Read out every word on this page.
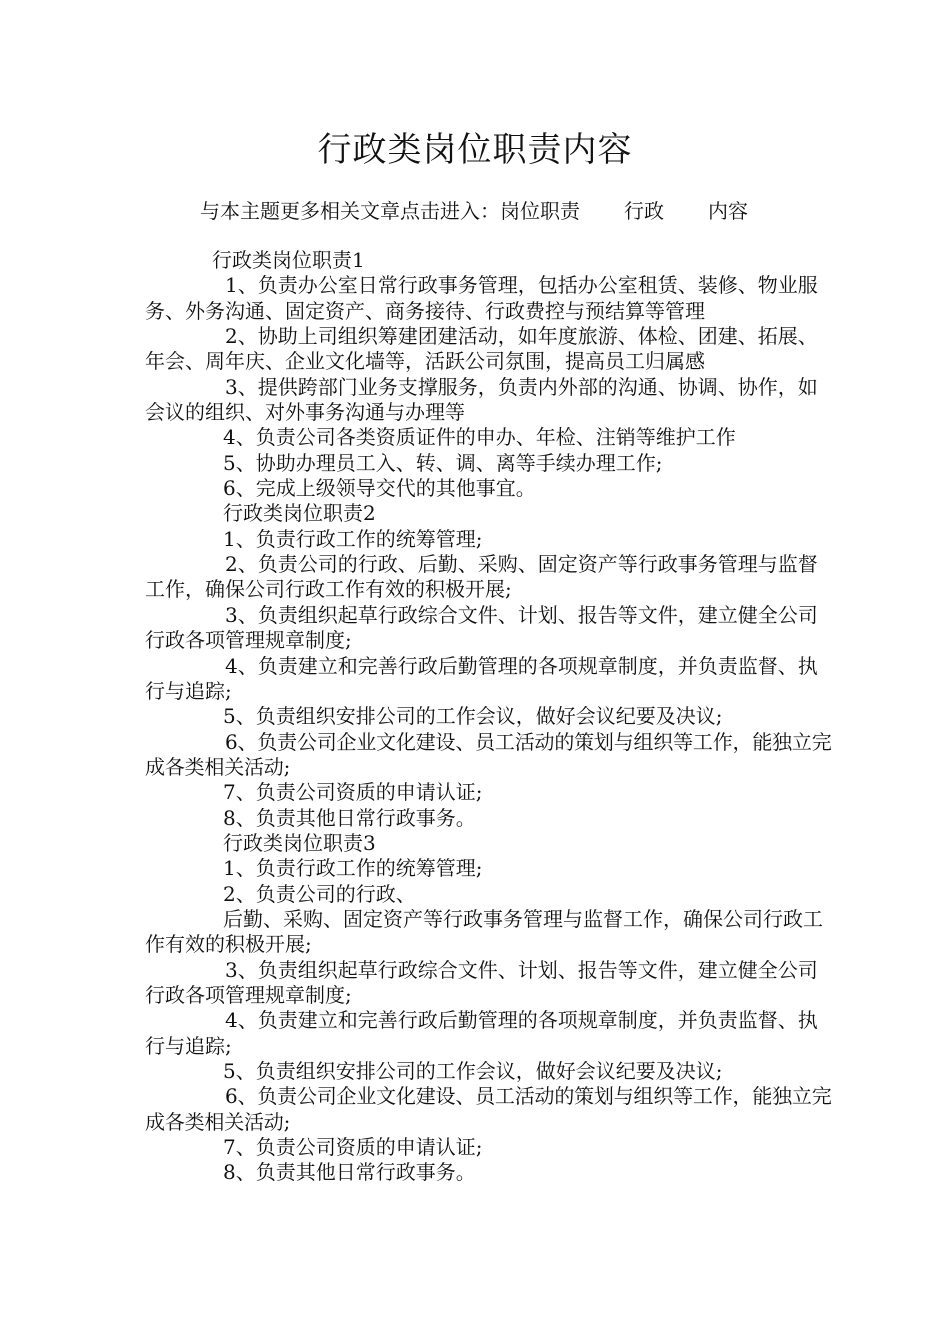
行政类岗位职责内容
与本主题更多相关文章点击进入：岗位职责 行政 内容

行政类岗位职责1

1、负责办公室日常行政事务管理，包括办公室租赁、装修、物业服务、外务沟通、固定资产、商务接待、行政费控与预结算等管理

2、协助上司组织筹建团建活动，如年度旅游、体检、团建、拓展、年会、周年庆、企业文化墙等，活跃公司氛围，提高员工归属感

3、提供跨部门业务支撑服务，负责内外部的沟通、协调、协作，如会议的组织、对外事务沟通与办理等

4、负责公司各类资质证件的申办、年检、注销等维护工作

5、协助办理员工入、转、调、离等手续办理工作;

6、完成上级领导交代的其他事宜。

行政类岗位职责2

1、负责行政工作的统筹管理;

2、负责公司的行政、后勤、采购、固定资产等行政事务管理与监督工作，确保公司行政工作有效的积极开展;

3、负责组织起草行政综合文件、计划、报告等文件，建立健全公司行政各项管理规章制度;

4、负责建立和完善行政后勤管理的各项规章制度，并负责监督、执行与追踪;

5、负责组织安排公司的工作会议，做好会议纪要及决议;

6、负责公司企业文化建设、员工活动的策划与组织等工作，能独立完成各类相关活动;

7、负责公司资质的申请认证;

8、负责其他日常行政事务。

行政类岗位职责3

1、负责行政工作的统筹管理;

2、负责公司的行政、

后勤、采购、固定资产等行政事务管理与监督工作，确保公司行政工作有效的积极开展;

3、负责组织起草行政综合文件、计划、报告等文件，建立健全公司行政各项管理规章制度;

4、负责建立和完善行政后勤管理的各项规章制度，并负责监督、执行与追踪;

5、负责组织安排公司的工作会议，做好会议纪要及决议;

6、负责公司企业文化建设、员工活动的策划与组织等工作，能独立完成各类相关活动;

7、负责公司资质的申请认证;

8、负责其他日常行政事务。
